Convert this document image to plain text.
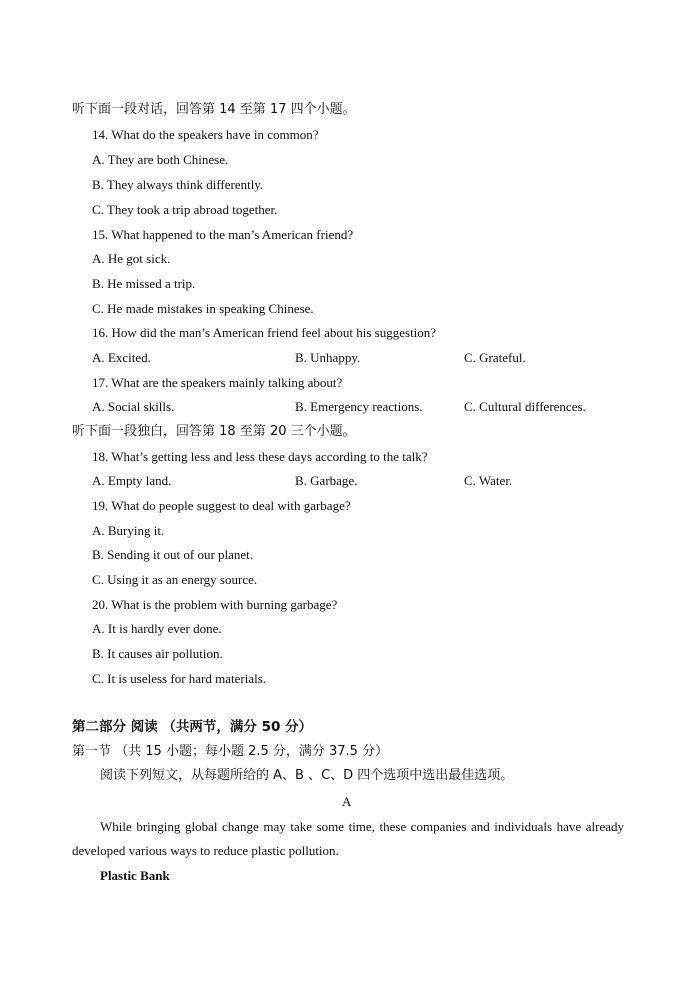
听下面一段对话，回答第 14 至第 17 四个小题。
14. What do the speakers have in common?
A. They are both Chinese.
B. They always think differently.
C. They took a trip abroad together.
15. What happened to the man’s American friend?
A. He got sick.
B. He missed a trip.
C. He made mistakes in speaking Chinese.
16. How did the man’s American friend feel about his suggestion?
A. Excited.	B. Unhappy.	C. Grateful.
17. What are the speakers mainly talking about?
A. Social skills.	B. Emergency reactions.	C. Cultural differences.
听下面一段独白，回答第 18 至第 20 三个小题。
18. What’s getting less and less these days according to the talk?
A. Empty land.	B. Garbage.	C. Water.
19. What do people suggest to deal with garbage?
A. Burying it.
B. Sending it out of our planet.
C. Using it as an energy source.
20. What is the problem with burning garbage?
A. It is hardly ever done.
B. It causes air pollution.
C. It is useless for hard materials.
第二部分 阅读 （共两节，满分 50 分）
第一节 （共 15 小题；每小题 2.5 分，满分 37.5 分）
阅读下列短文，从每题所给的 A、B 、C、D 四个选项中选出最佳选项。
A
While bringing global change may take some time, these companies and individuals have already developed various ways to reduce plastic pollution.
Plastic Bank
